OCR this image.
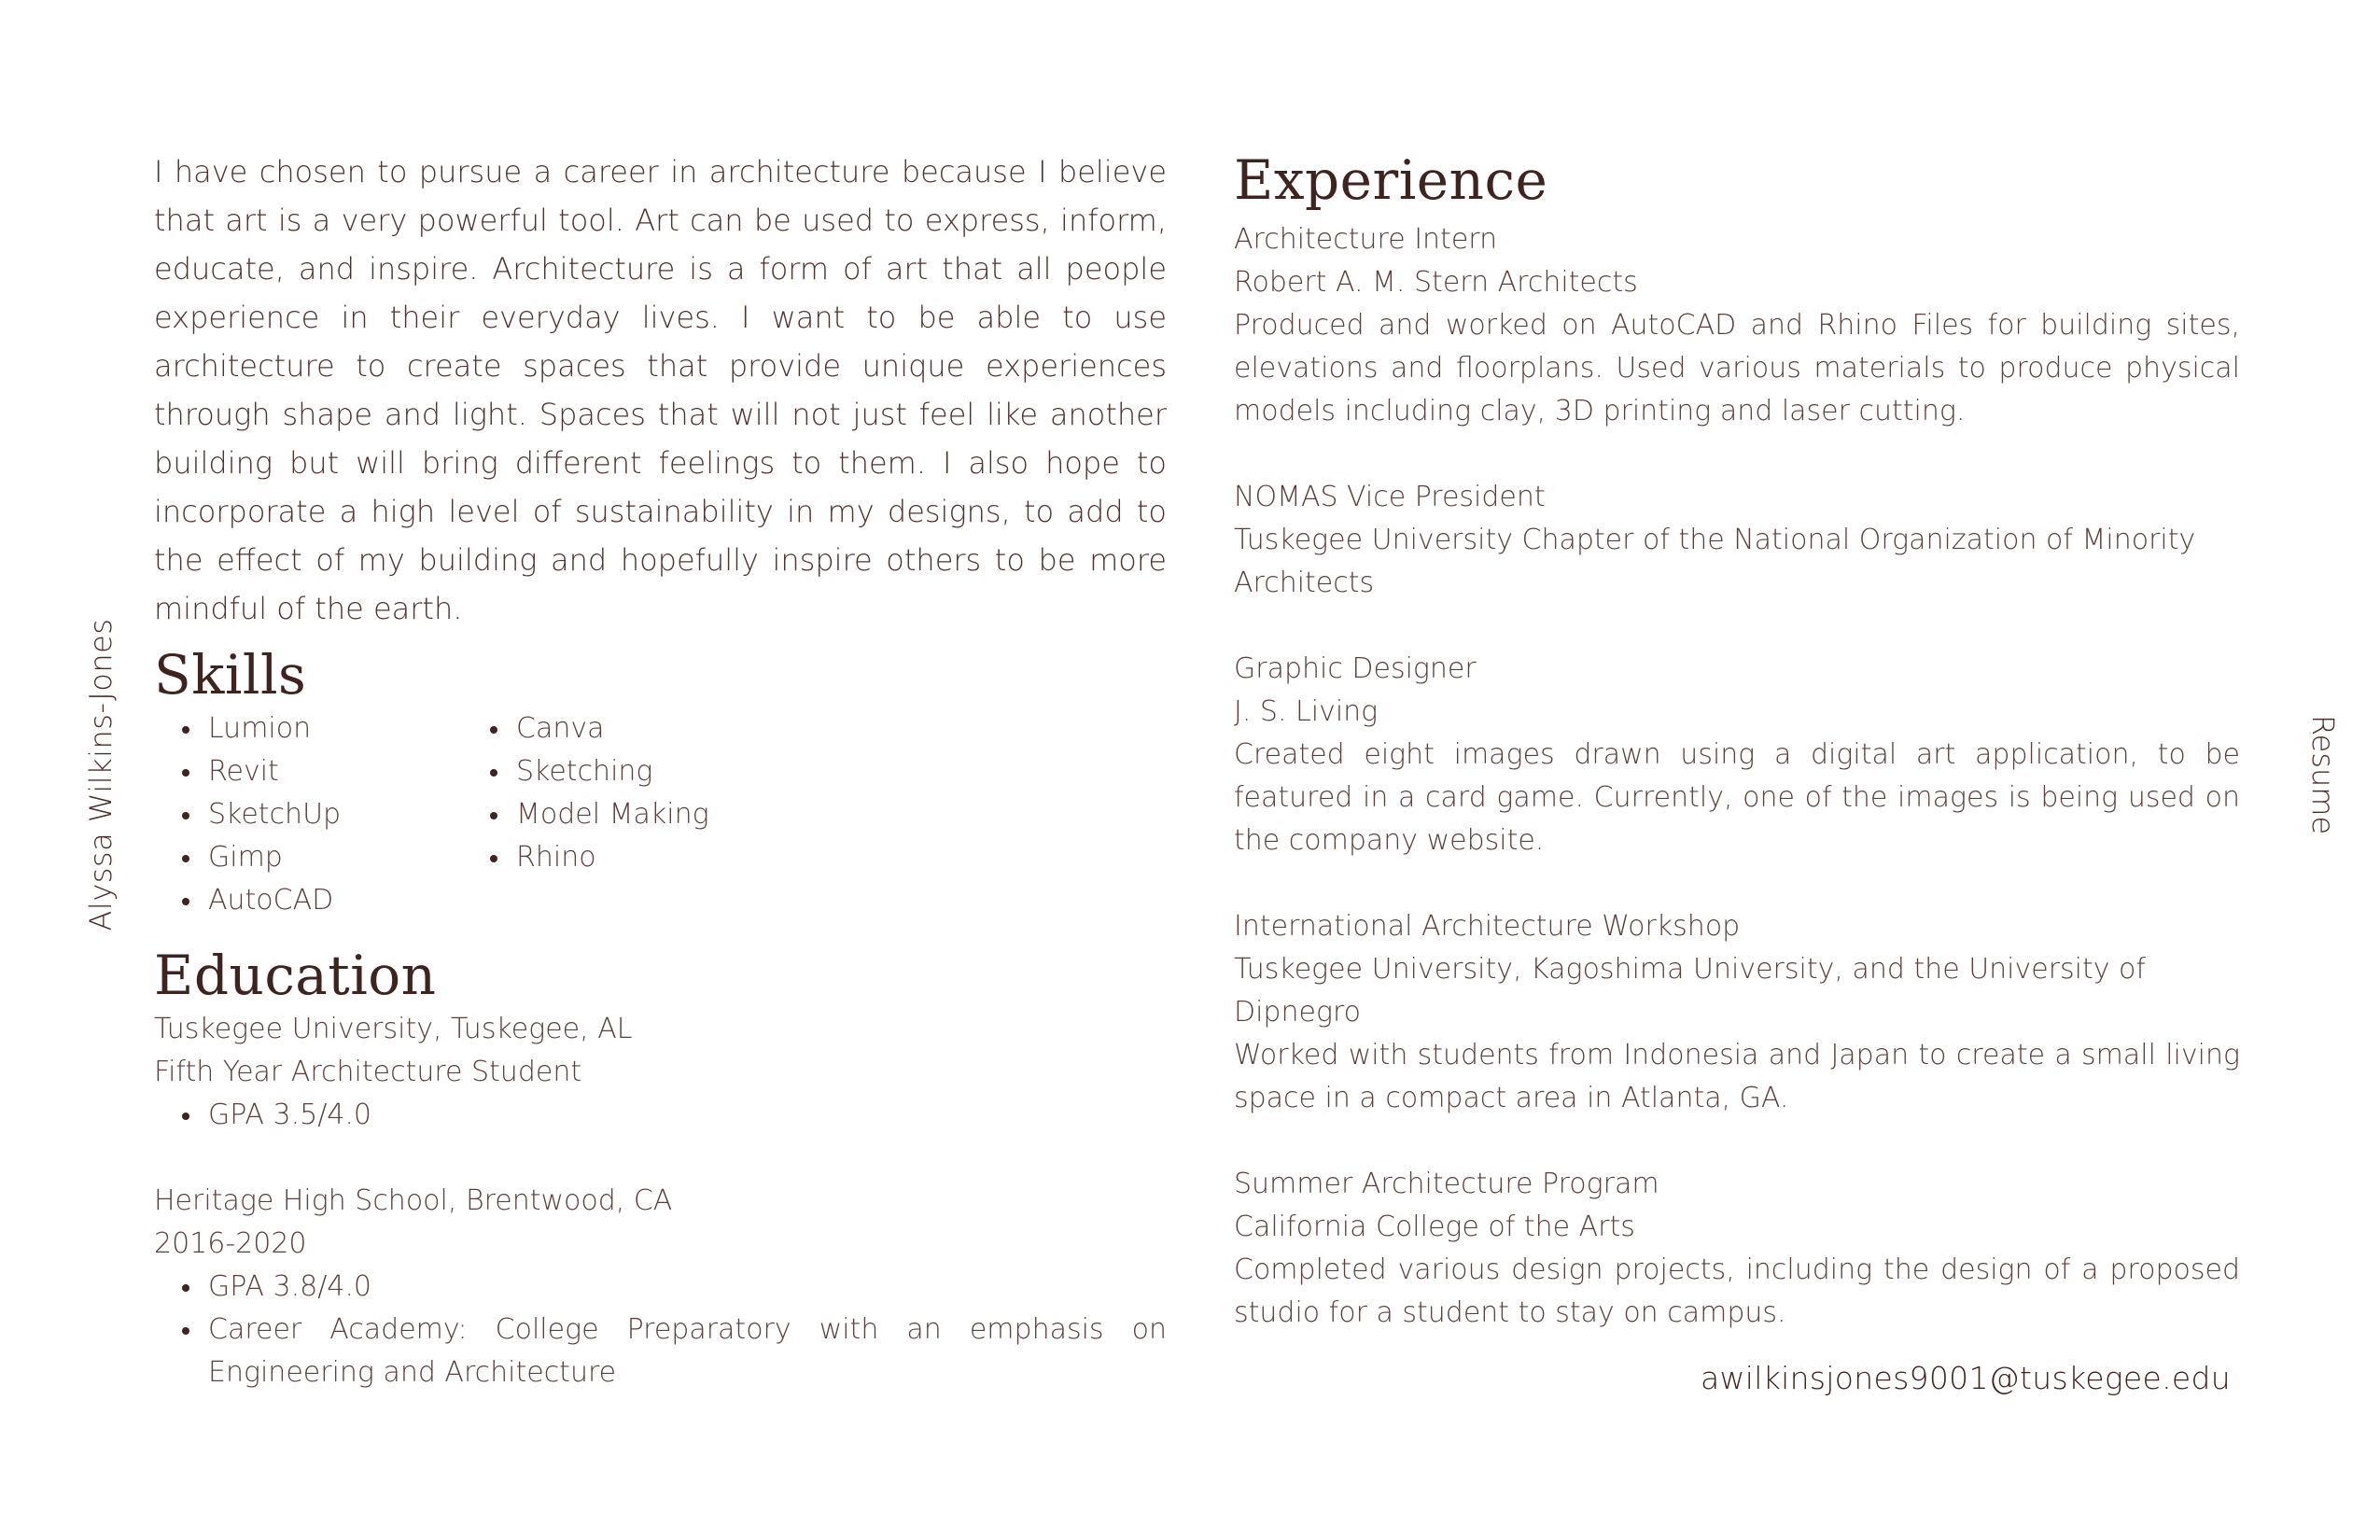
Alyssa Wilkins-Jones	Resume

I have chosen to pursue a career in architecture because I believe that art is a very powerful tool. Art can be used to express, inform, educate, and inspire. Architecture is a form of art that all people experience in their everyday lives. I want to be able to use architecture to create spaces that provide unique experiences through shape and light. Spaces that will not just feel like another building but will bring different feelings to them. I also hope to incorporate a high level of sustainability in my designs, to add to the effect of my building and hopefully inspire others to be more mindful of the earth.

Skills
Lumion
Revit
SketchUp
Gimp
AutoCAD
Canva
Sketching
Model Making
Rhino
Education

Tuskegee University, Tuskegee, AL

Fifth Year Architecture Student

GPA 3.5/4.0

Heritage High School, Brentwood, CA

2016-2020

GPA 3.8/4.0
Career Academy: College Preparatory with an emphasis on Engineering and Architecture
Experience

Architecture Intern

Robert A. M. Stern Architects

Produced and worked on AutoCAD and Rhino Files for building sites, elevations and floorplans. Used various materials to produce physical models including clay, 3D printing and laser cutting.

NOMAS Vice President

Tuskegee University Chapter of the National Organization of Minority Architects

Graphic Designer

J. S. Living

Created eight images drawn using a digital art application, to be featured in a card game. Currently, one of the images is being used on the company website.

International Architecture Workshop

Tuskegee University, Kagoshima University, and the University of Dipnegro

Worked with students from Indonesia and Japan to create a small living space in a compact area in Atlanta, GA.

Summer Architecture Program

California College of the Arts

Completed various design projects, including the design of a proposed studio for a student to stay on campus.

awilkinsjones9001@tuskegee.edu
